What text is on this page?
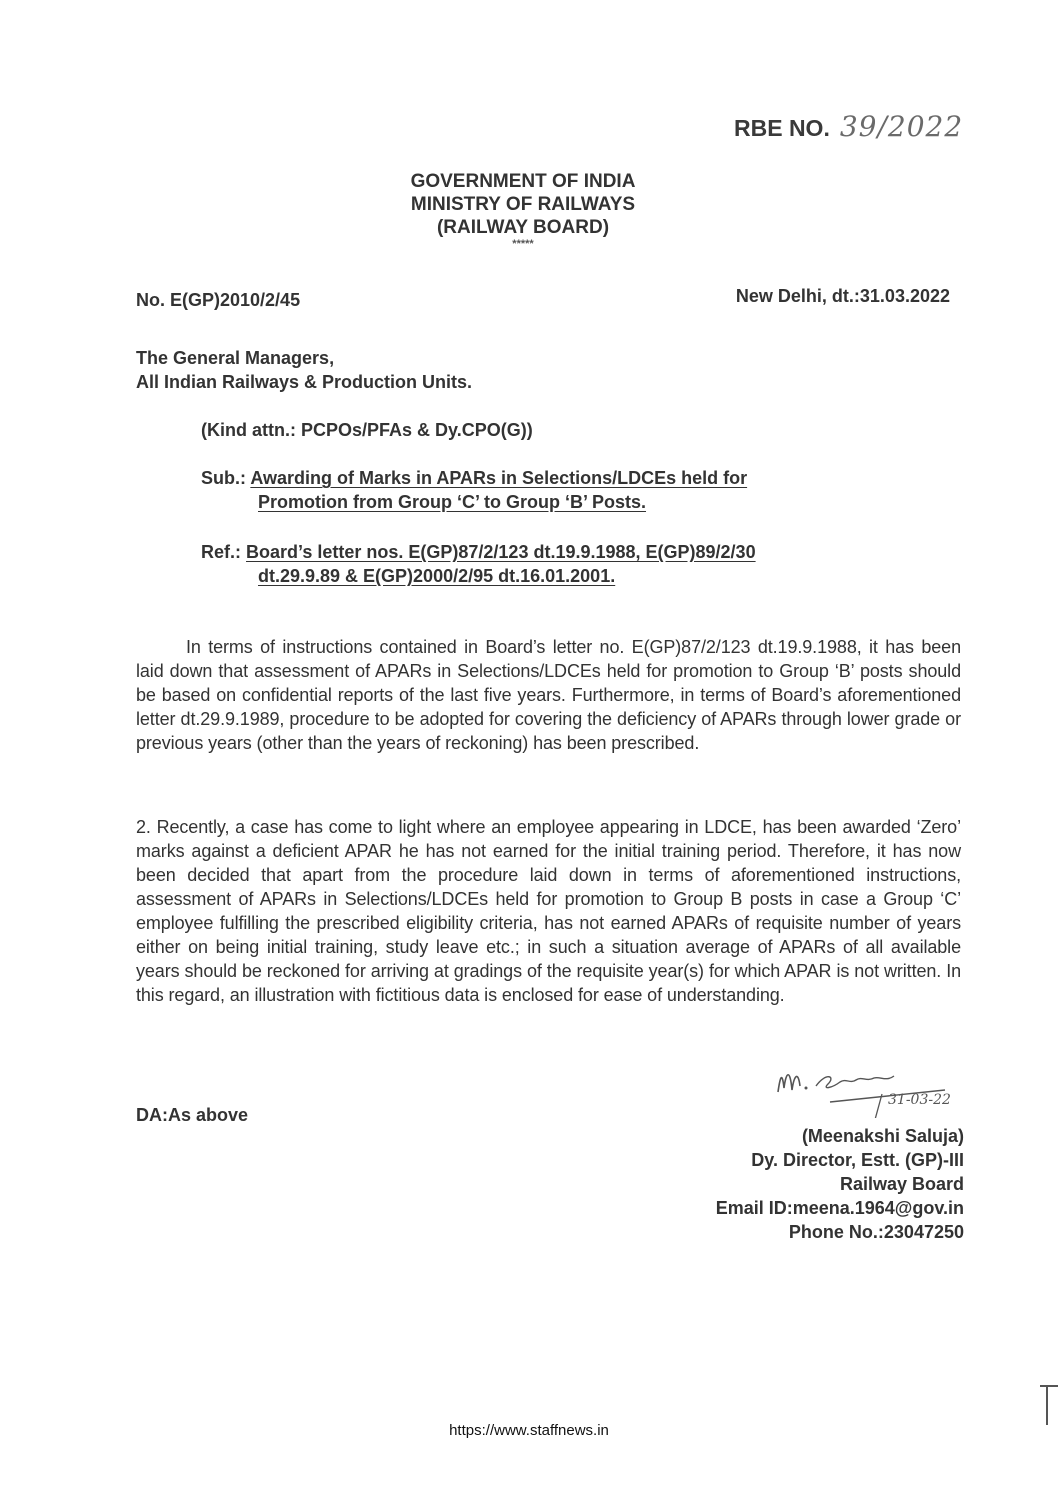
RBE NO. 39/2022
GOVERNMENT OF INDIA
MINISTRY OF RAILWAYS
(RAILWAY BOARD)
*****
No. E(GP)2010/2/45	New Delhi, dt.:31.03.2022
The General Managers,
All Indian Railways & Production Units.
(Kind attn.: PCPOs/PFAs & Dy.CPO(G))
Sub.: Awarding of Marks in APARs in Selections/LDCEs held for
Promotion from Group ‘C’ to Group ‘B’ Posts.
Ref.: Board’s letter nos. E(GP)87/2/123 dt.19.9.1988, E(GP)89/2/30
dt.29.9.89 & E(GP)2000/2/95 dt.16.01.2001.

In terms of instructions contained in Board’s letter no. E(GP)87/2/123 dt.19.9.1988, it has been laid down that assessment of APARs in Selections/LDCEs held for promotion to Group ‘B’ posts should be based on confidential reports of the last five years. Furthermore, in terms of Board’s aforementioned letter dt.29.9.1989, procedure to be adopted for covering the deficiency of APARs through lower grade or previous years (other than the years of reckoning) has been prescribed.

2. Recently, a case has come to light where an employee appearing in LDCE, has been awarded ‘Zero’ marks against a deficient APAR he has not earned for the initial training period. Therefore, it has now been decided that apart from the procedure laid down in terms of aforementioned instructions, assessment of APARs in Selections/LDCEs held for promotion to Group B posts in case a Group ‘C’ employee fulfilling the prescribed eligibility criteria, has not earned APARs of requisite number of years either on being initial training, study leave etc.; in such a situation average of APARs of all available years should be reckoned for arriving at gradings of the requisite year(s) for which APAR is not written. In this regard, an illustration with fictitious data is enclosed for ease of understanding.

31-03-22
DA:As above
(Meenakshi Saluja)
Dy. Director, Estt. (GP)-III
Railway Board
Email ID:meena.1964@gov.in
Phone No.:23047250
https://www.staffnews.in
